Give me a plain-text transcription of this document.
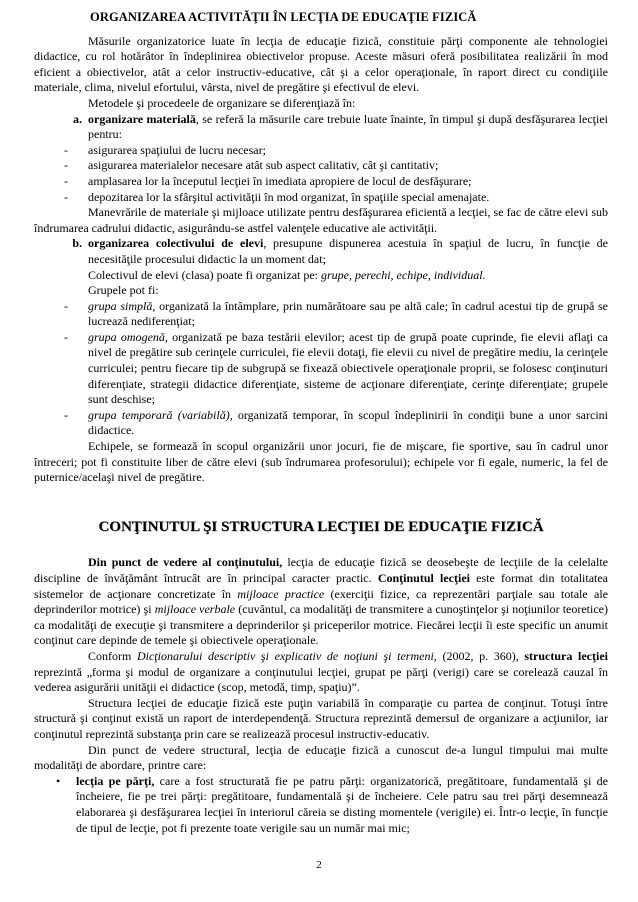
ORGANIZAREA ACTIVITĂŢII ÎN LECŢIA DE EDUCAŢIE FIZICĂ

Măsurile organizatorice luate în lecţia de educaţie fizică, constituie părţi componente ale tehnologiei didactice, cu rol hotărâtor în îndeplinirea obiectivelor propuse. Aceste măsuri oferă posibilitatea realizării în mod eficient a obiectivelor, atât a celor instructiv-educative, cât şi a celor operaţionale, în raport direct cu condiţiile materiale, clima, nivelul efortului, vârsta, nivel de pregătire şi efectivul de elevi.

Metodele şi procedeele de organizare se diferenţiază în:

a. organizare materială, se referă la măsurile care trebuie luate înainte, în timpul şi după desfăşurarea lecţiei pentru:
-	asigurarea spaţiului de lucru necesar;
-	asigurarea materialelor necesare atât sub aspect calitativ, cât şi cantitativ;
-	amplasarea lor la începutul lecţiei în imediata apropiere de locul de desfăşurare;
-	depozitarea lor la sfârşitul activităţii în mod organizat, în spaţiile special amenajate.

Manevrările de materiale şi mijloace utilizate pentru desfăşurarea eficientă a lecţiei, se fac de către elevi sub îndrumarea cadrului didactic, asigurându-se astfel valenţele educative ale activităţii.

b. organizarea colectivului de elevi, presupune dispunerea acestuia în spaţiul de lucru, în funcţie de necesităţile procesului didactic la un moment dat;

Colectivul de elevi (clasa) poate fi organizat pe: grupe, perechi, echipe, individual.

Grupele pot fi:

-	grupa simplă, organizată la întâmplare, prin numărătoare sau pe altă cale; în cadrul acestui tip de grupă se lucrează nediferenţiat;
-	grupa omogenă, organizată pe baza testării elevilor; acest tip de grupă poate cuprinde, fie elevii aflaţi ca nivel de pregătire sub cerinţele curriculei, fie elevii dotaţi, fie elevii cu nivel de pregătire mediu, la cerinţele curriculei; pentru fiecare tip de subgrupă se fixează obiectivele operaţionale proprii, se folosesc conţinuturi diferenţiate, strategii didactice diferenţiate, sisteme de acţionare diferenţiate, cerinţe diferenţiate; grupele sunt deschise;
-	grupa temporară (variabilă), organizată temporar, în scopul îndeplinirii în condiţii bune a unor sarcini didactice.

Echipele, se formează în scopul organizării unor jocuri, fie de mişcare, fie sportive, sau în cadrul unor întreceri; pot fi constituite liber de către elevi (sub îndrumarea profesorului); echipele vor fi egale, numeric, la fel de puternice/acelaşi nivel de pregătire.

CONŢINUTUL ŞI STRUCTURA LECŢIEI DE EDUCAŢIE FIZICĂ

Din punct de vedere al conţinutului, lecţia de educaţie fizică se deosebeşte de lecţiile de la celelalte discipline de învăţământ întrucât are în principal caracter practic. Conţinutul lecţiei este format din totalitatea sistemelor de acţionare concretizate în mijloace practice (exerciţii fizice, ca reprezentări parţiale sau totale ale deprinderilor motrice) şi mijloace verbale (cuvântul, ca modalităţi de transmitere a cunoştinţelor şi noţiunilor teoretice) ca modalităţi de execuţie şi transmitere a deprinderilor şi priceperilor motrice. Fiecărei lecţii îi este specific un anumit conţinut care depinde de temele şi obiectivele operaţionale.

Conform Dicţionarului descriptiv şi explicativ de noţiuni şi termeni, (2002, p. 360), structura lecţiei reprezintă „forma şi modul de organizare a conţinutului lecţiei, grupat pe părţi (verigi) care se corelează cauzal în vederea asigurării unităţii ei didactice (scop, metodă, timp, spaţiu)”.

Structura lecţiei de educaţie fizică este puţin variabilă în comparaţie cu partea de conţinut. Totuşi între structură şi conţinut există un raport de interdependenţă. Structura reprezintă demersul de organizare a acţiunilor, iar conţinutul reprezintă substanţa prin care se realizează procesul instructiv-educativ.

Din punct de vedere structural, lecţia de educaţie fizică a cunoscut de-a lungul timpului mai multe modalităţi de abordare, printre care:

•	lecţia pe părţi, care a fost structurată fie pe patru părţi: organizatorică, pregătitoare, fundamentală şi de încheiere, fie pe trei părţi: pregătitoare, fundamentală şi de încheiere. Cele patru sau trei părţi desemnează elaborarea şi desfăşurarea lecţiei în interiorul căreia se disting momentele (verigile) ei. Într-o lecţie, în funcţie de tipul de lecţie, pot fi prezente toate verigile sau un număr mai mic;
2
